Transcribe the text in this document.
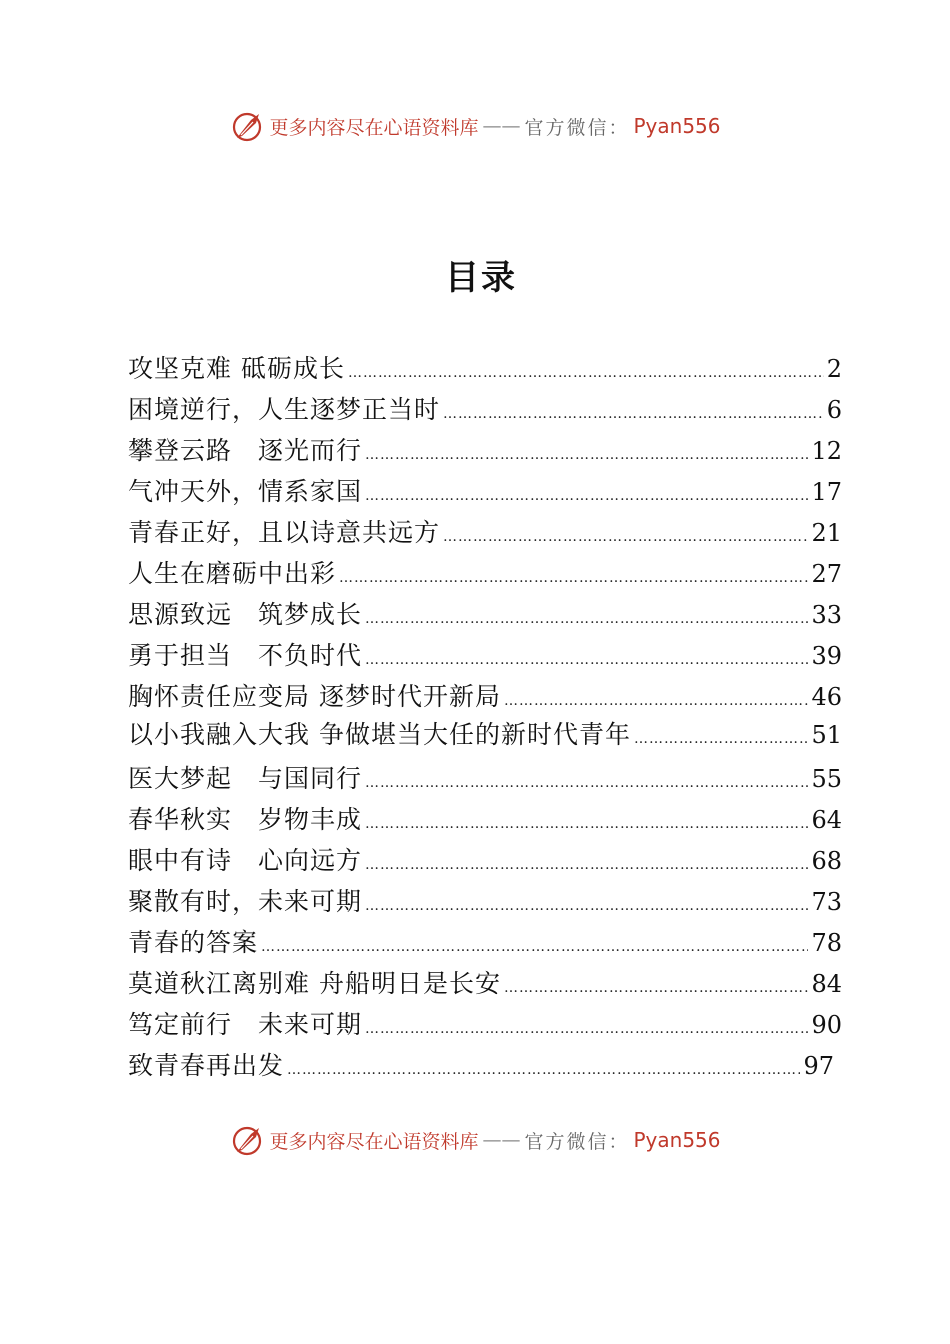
更多内容尽在心语资料库 —— 官方微信： Pyan556
目录
攻坚克难 砥砺成长 ……………………………………………………………………………………………………………………………………………………………………………………………………	2
困境逆行，人生逐梦正当时 ……………………………………………………………………………………………………………………………………………………………………………………………………	6
攀登云路　逐光而行 ……………………………………………………………………………………………………………………………………………………………………………………………………	12
气冲天外，情系家国 ……………………………………………………………………………………………………………………………………………………………………………………………………	17
青春正好，且以诗意共远方 ……………………………………………………………………………………………………………………………………………………………………………………………………	21
人生在磨砺中出彩 ……………………………………………………………………………………………………………………………………………………………………………………………………	27
思源致远　筑梦成长 ……………………………………………………………………………………………………………………………………………………………………………………………………	33
勇于担当　不负时代 ……………………………………………………………………………………………………………………………………………………………………………………………………	39
胸怀责任应变局 逐梦时代开新局 ……………………………………………………………………………………………………………………………………………………………………………………………………	46
以小我融入大我 争做堪当大任的新时代青年 ……………………………………………………………………………………………………………………………………………………………………………………………………	51
医大梦起　与国同行 ……………………………………………………………………………………………………………………………………………………………………………………………………	55
春华秋实　岁物丰成 ……………………………………………………………………………………………………………………………………………………………………………………………………	64
眼中有诗　心向远方 ……………………………………………………………………………………………………………………………………………………………………………………………………	68
聚散有时，未来可期 ……………………………………………………………………………………………………………………………………………………………………………………………………	73
青春的答案 ……………………………………………………………………………………………………………………………………………………………………………………………………	78
莫道秋江离别难 舟船明日是长安 ……………………………………………………………………………………………………………………………………………………………………………………………………	84
笃定前行　未来可期 ……………………………………………………………………………………………………………………………………………………………………………………………………	90
致青春再出发 ……………………………………………………………………………………………………………………………………………………………………………………………………	97
更多内容尽在心语资料库 —— 官方微信： Pyan556
